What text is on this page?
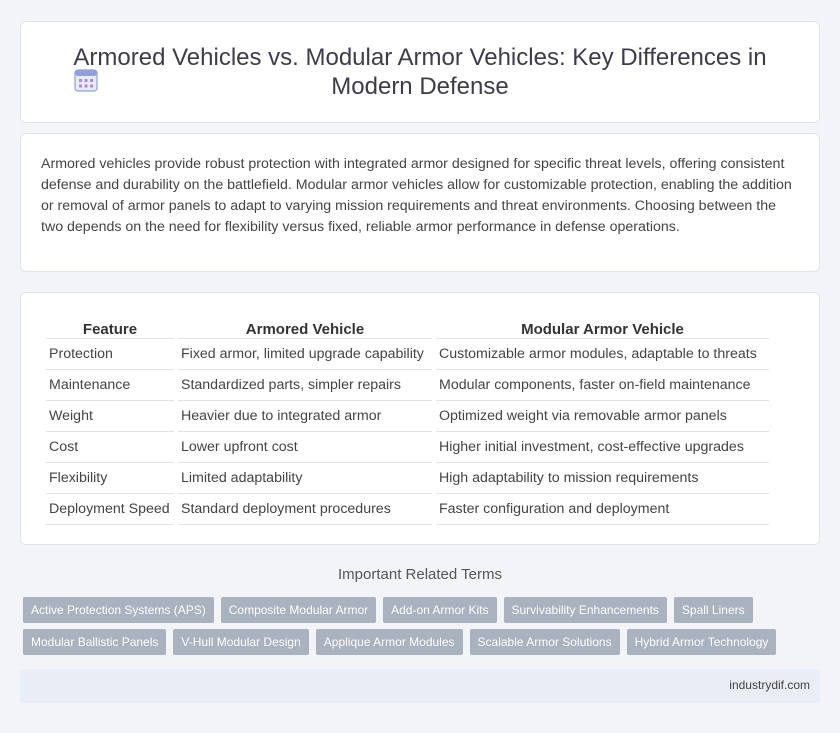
Armored Vehicles vs. Modular Armor Vehicles: Key Differences in Modern Defense

Armored vehicles provide robust protection with integrated armor designed for specific threat levels, offering consistent defense and durability on the battlefield. Modular armor vehicles allow for customizable protection, enabling the addition or removal of armor panels to adapt to varying mission requirements and threat environments. Choosing between the two depends on the need for flexibility versus fixed, reliable armor performance in defense operations.

Feature	Armored Vehicle	Modular Armor Vehicle
Protection	Fixed armor, limited upgrade capability	Customizable armor modules, adaptable to threats
Maintenance	Standardized parts, simpler repairs	Modular components, faster on-field maintenance
Weight	Heavier due to integrated armor	Optimized weight via removable armor panels
Cost	Lower upfront cost	Higher initial investment, cost-effective upgrades
Flexibility	Limited adaptability	High adaptability to mission requirements
Deployment Speed	Standard deployment procedures	Faster configuration and deployment
Important Related Terms
Active Protection Systems (APS)	Composite Modular Armor	Add-on Armor Kits	Survivability Enhancements	Spall Liners
Modular Ballistic Panels	V-Hull Modular Design	Applique Armor Modules	Scalable Armor Solutions	Hybrid Armor Technology
industrydif.com
